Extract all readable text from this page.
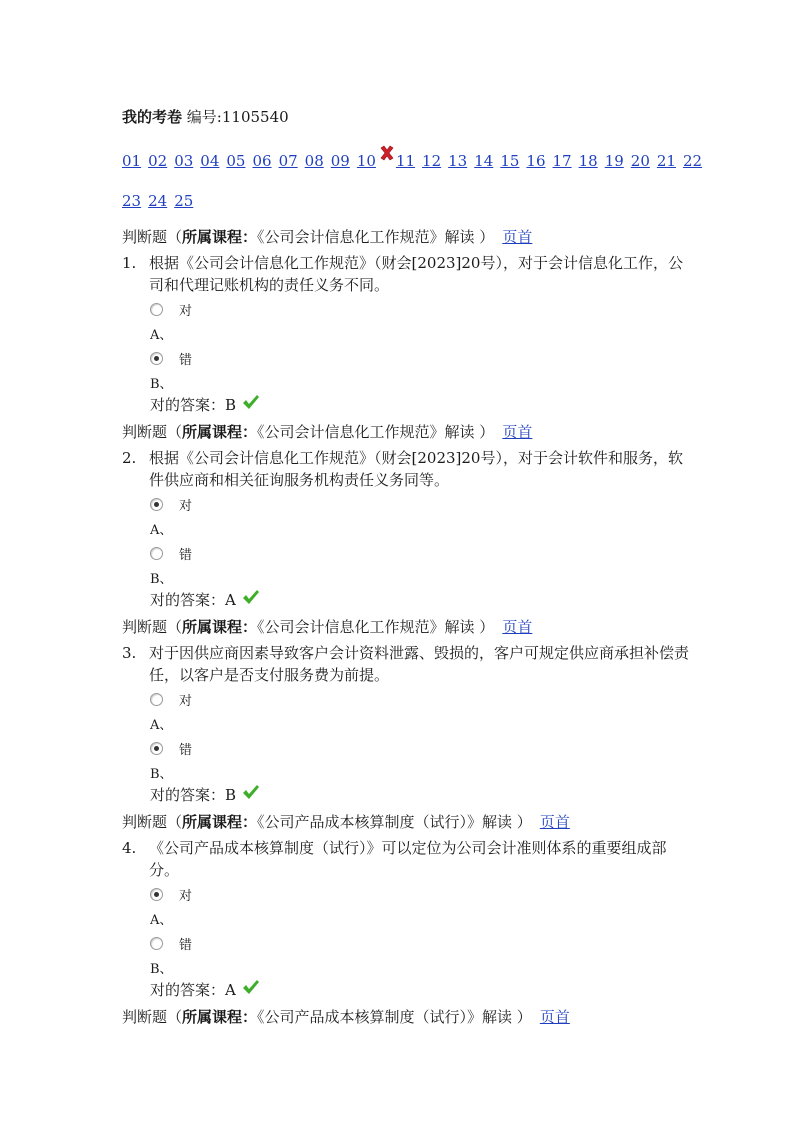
我的考卷 编号:1105540
01 02 03 04 05 06 07 08 09 10 11 12 13 14 15 16 17 18 19 20 21 22
23 24 25
判断题（所属课程：《公司会计信息化工作规范》解读 ） 页首
1. 根据《公司会计信息化工作规范》（财会[2023]20号），对于会计信息化工作，公司和代理记账机构的责任义务不同。
对
A、
错
B、
对的答案：B
判断题（所属课程：《公司会计信息化工作规范》解读 ） 页首
2. 根据《公司会计信息化工作规范》（财会[2023]20号），对于会计软件和服务，软件供应商和相关征询服务机构责任义务同等。
对
A、
错
B、
对的答案：A
判断题（所属课程：《公司会计信息化工作规范》解读 ） 页首
3. 对于因供应商因素导致客户会计资料泄露、毁损的，客户可规定供应商承担补偿责任，以客户是否支付服务费为前提。
对
A、
错
B、
对的答案：B
判断题（所属课程：《公司产品成本核算制度（试行）》解读 ） 页首
4. 《公司产品成本核算制度（试行）》可以定位为公司会计准则体系的重要组成部分。
对
A、
错
B、
对的答案：A
判断题（所属课程：《公司产品成本核算制度（试行）》解读 ） 页首
